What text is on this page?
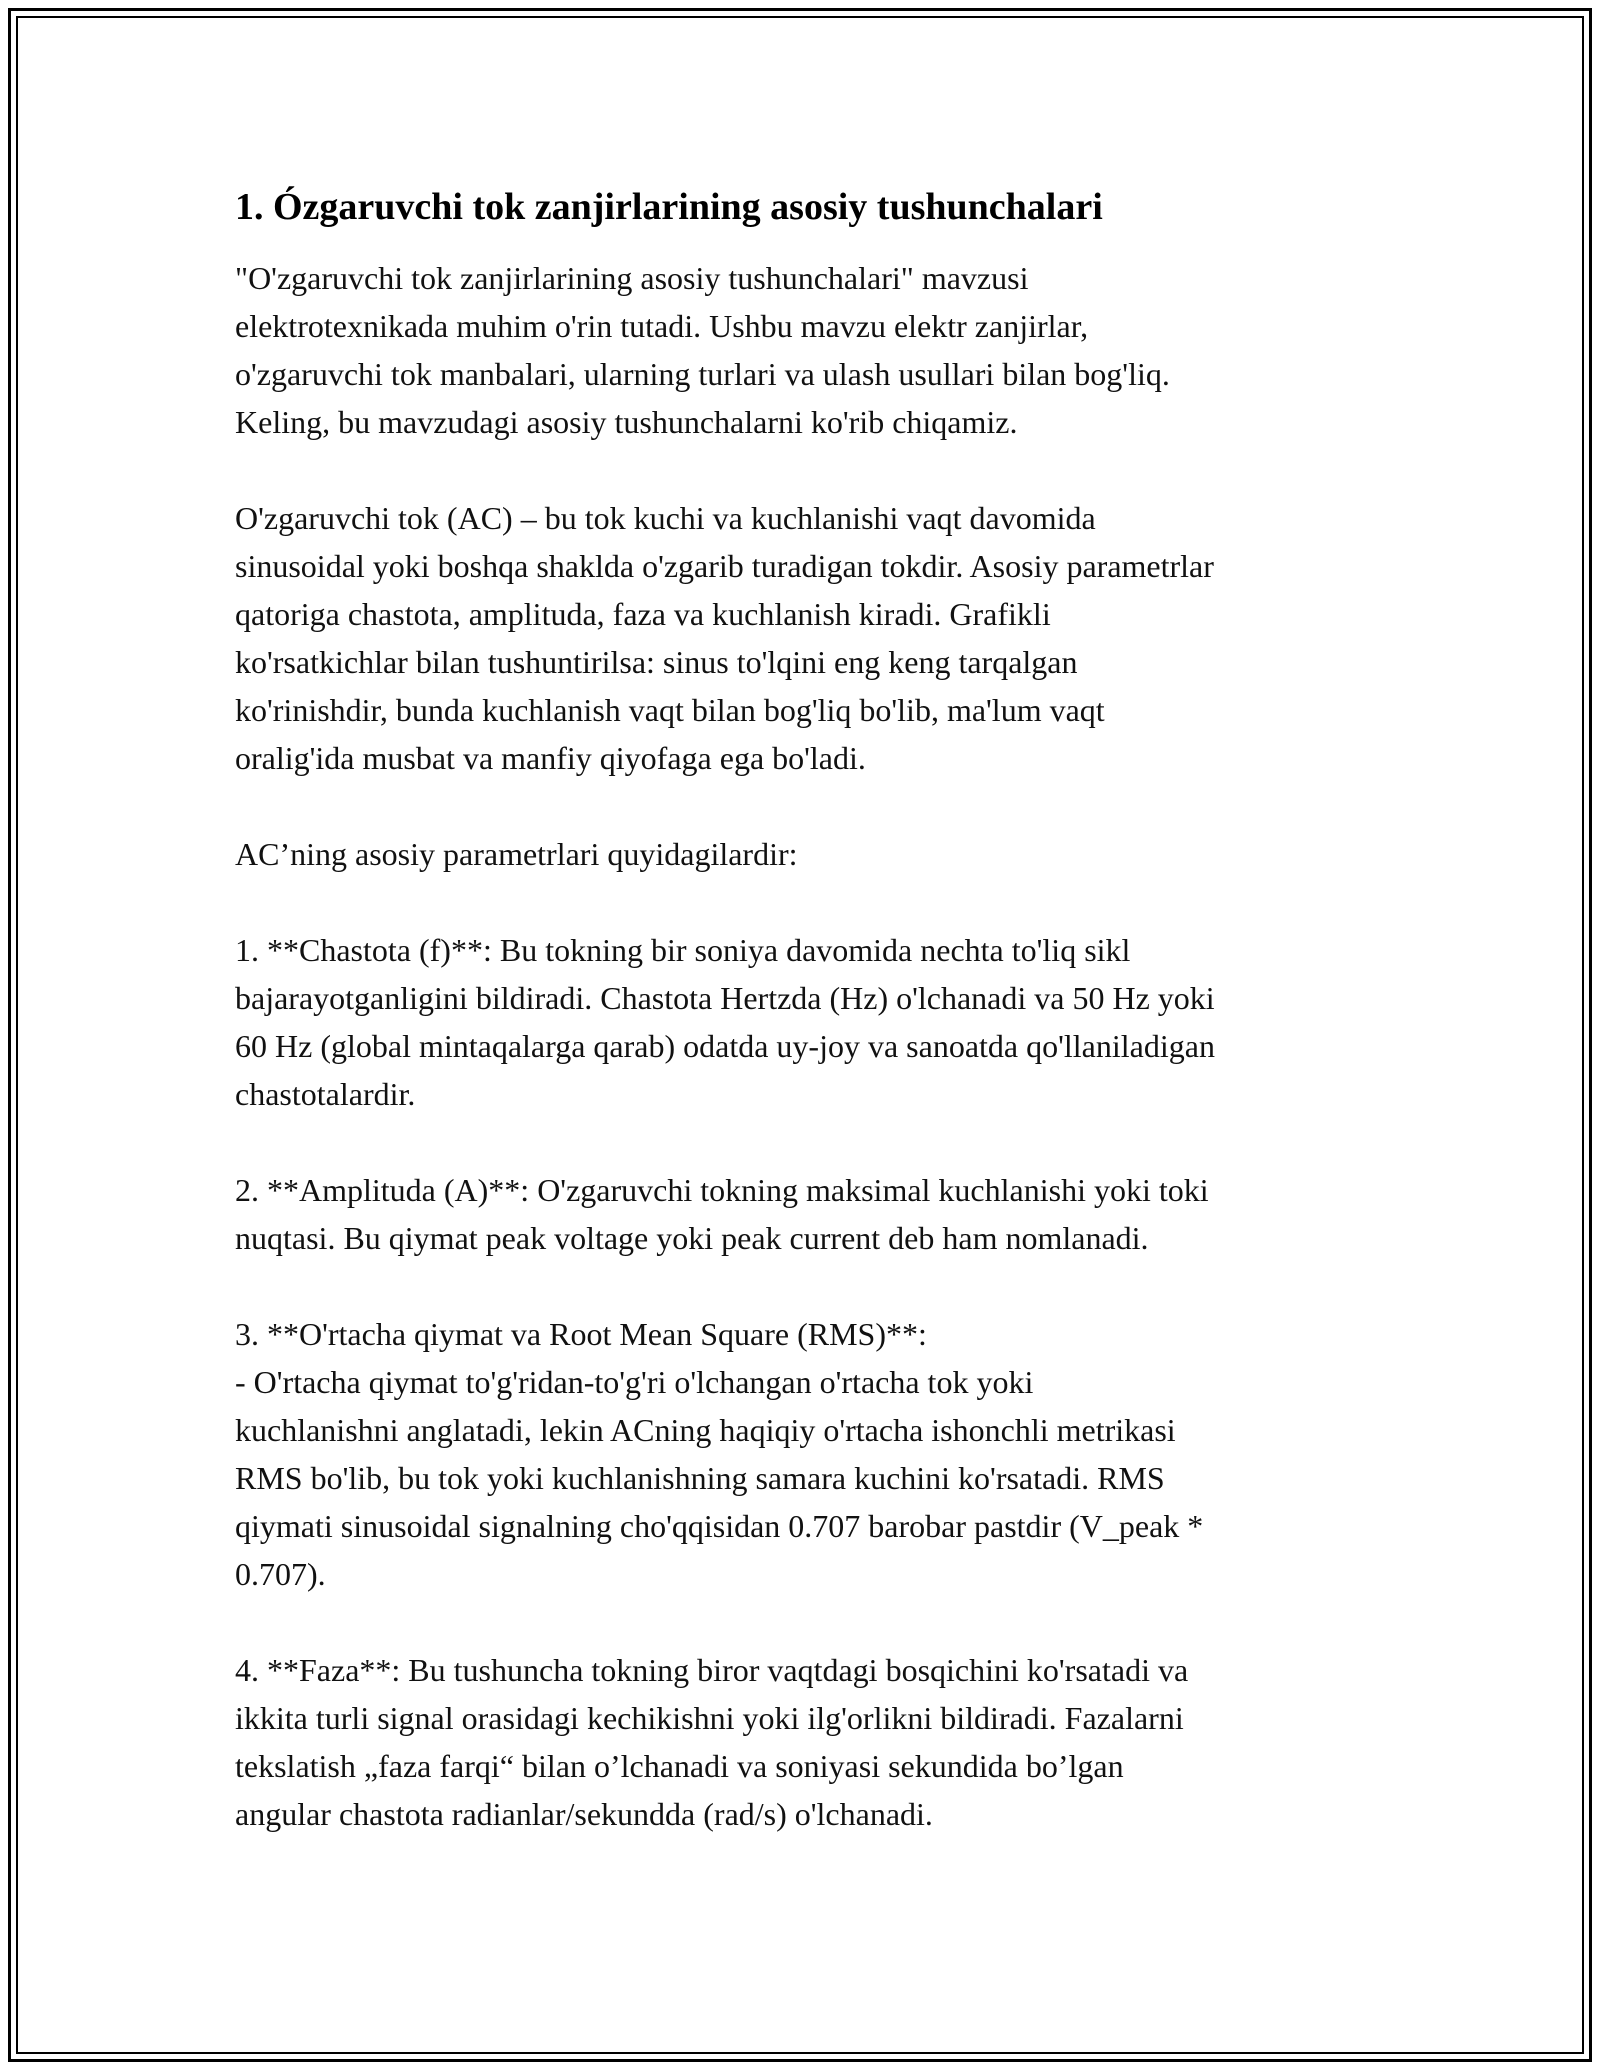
1. Ózgaruvchi tok zanjirlarining asosiy tushunchalari

"O'zgaruvchi tok zanjirlarining asosiy tushunchalari" mavzusi
elektrotexnikada muhim o'rin tutadi. Ushbu mavzu elektr zanjirlar,
o'zgaruvchi tok manbalari, ularning turlari va ulash usullari bilan bog'liq.
Keling, bu mavzudagi asosiy tushunchalarni ko'rib chiqamiz.

O'zgaruvchi tok (AC) – bu tok kuchi va kuchlanishi vaqt davomida
sinusoidal yoki boshqa shaklda o'zgarib turadigan tokdir. Asosiy parametrlar
qatoriga chastota, amplituda, faza va kuchlanish kiradi. Grafikli
ko'rsatkichlar bilan tushuntirilsa: sinus to'lqini eng keng tarqalgan
ko'rinishdir, bunda kuchlanish vaqt bilan bog'liq bo'lib, ma'lum vaqt
oralig'ida musbat va manfiy qiyofaga ega bo'ladi.

AC’ning asosiy parametrlari quyidagilardir:

1. **Chastota (f)**: Bu tokning bir soniya davomida nechta to'liq sikl
bajarayotganligini bildiradi. Chastota Hertzda (Hz) o'lchanadi va 50 Hz yoki
60 Hz (global mintaqalarga qarab) odatda uy-joy va sanoatda qo'llaniladigan
chastotalardir.

2. **Amplituda (A)**: O'zgaruvchi tokning maksimal kuchlanishi yoki toki
nuqtasi. Bu qiymat peak voltage yoki peak current deb ham nomlanadi.

3. **O'rtacha qiymat va Root Mean Square (RMS)**:
- O'rtacha qiymat to'g'ridan-to'g'ri o'lchangan o'rtacha tok yoki
kuchlanishni anglatadi, lekin ACning haqiqiy o'rtacha ishonchli metrikasi
RMS bo'lib, bu tok yoki kuchlanishning samara kuchini ko'rsatadi. RMS
qiymati sinusoidal signalning cho'qqisidan 0.707 barobar pastdir (V_peak *
0.707).

4. **Faza**: Bu tushuncha tokning biror vaqtdagi bosqichini ko'rsatadi va
ikkita turli signal orasidagi kechikishni yoki ilg'orlikni bildiradi. Fazalarni
tekslatish „faza farqi“ bilan o’lchanadi va soniyasi sekundida bo’lgan
angular chastota radianlar/sekundda (rad/s) o'lchanadi.
